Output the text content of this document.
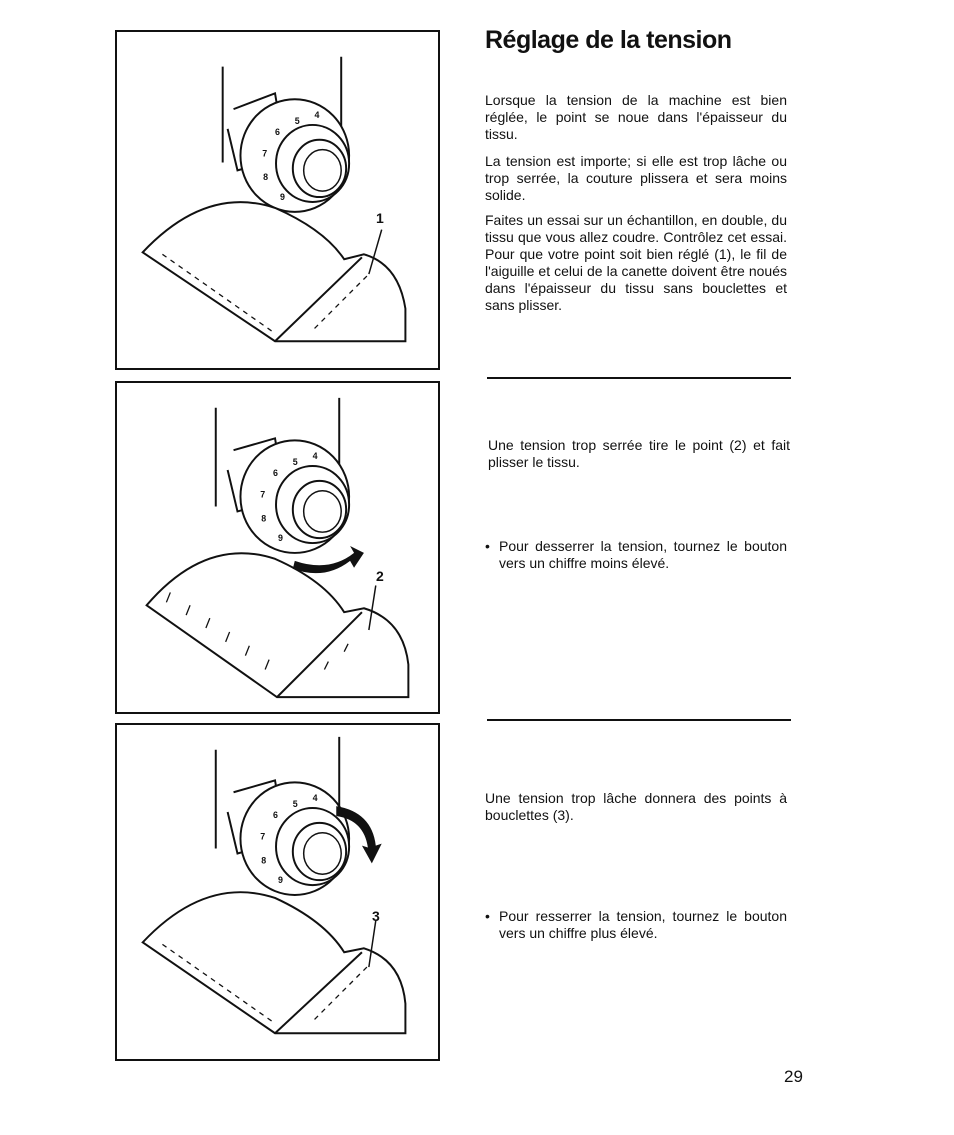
4
5
6
7
8
9
1
4
5
6
7
8
9
2
4
5
6
7
8
9
3
Réglage de la tension

Lorsque la tension de la machine est bien réglée, le point se noue dans l'épaisseur du tissu.

La tension est importe; si elle est trop lâche ou trop serrée, la couture plissera et sera moins solide.

Faites un essai sur un échantillon, en double, du tissu que vous allez coudre. Contrôlez cet essai. Pour que votre point soit bien réglé (1), le fil de l'aiguille et celui de la canette doivent être noués dans l'épaisseur du tissu sans bouclettes et sans plisser.

Une tension trop serrée tire le point (2) et fait plisser le tissu.

• Pour desserrer la tension, tournez le bouton vers un chiffre moins élevé.

Une tension trop lâche donnera des points à bouclettes (3).

• Pour resserrer la tension, tournez le bouton vers un chiffre plus élevé.
29
